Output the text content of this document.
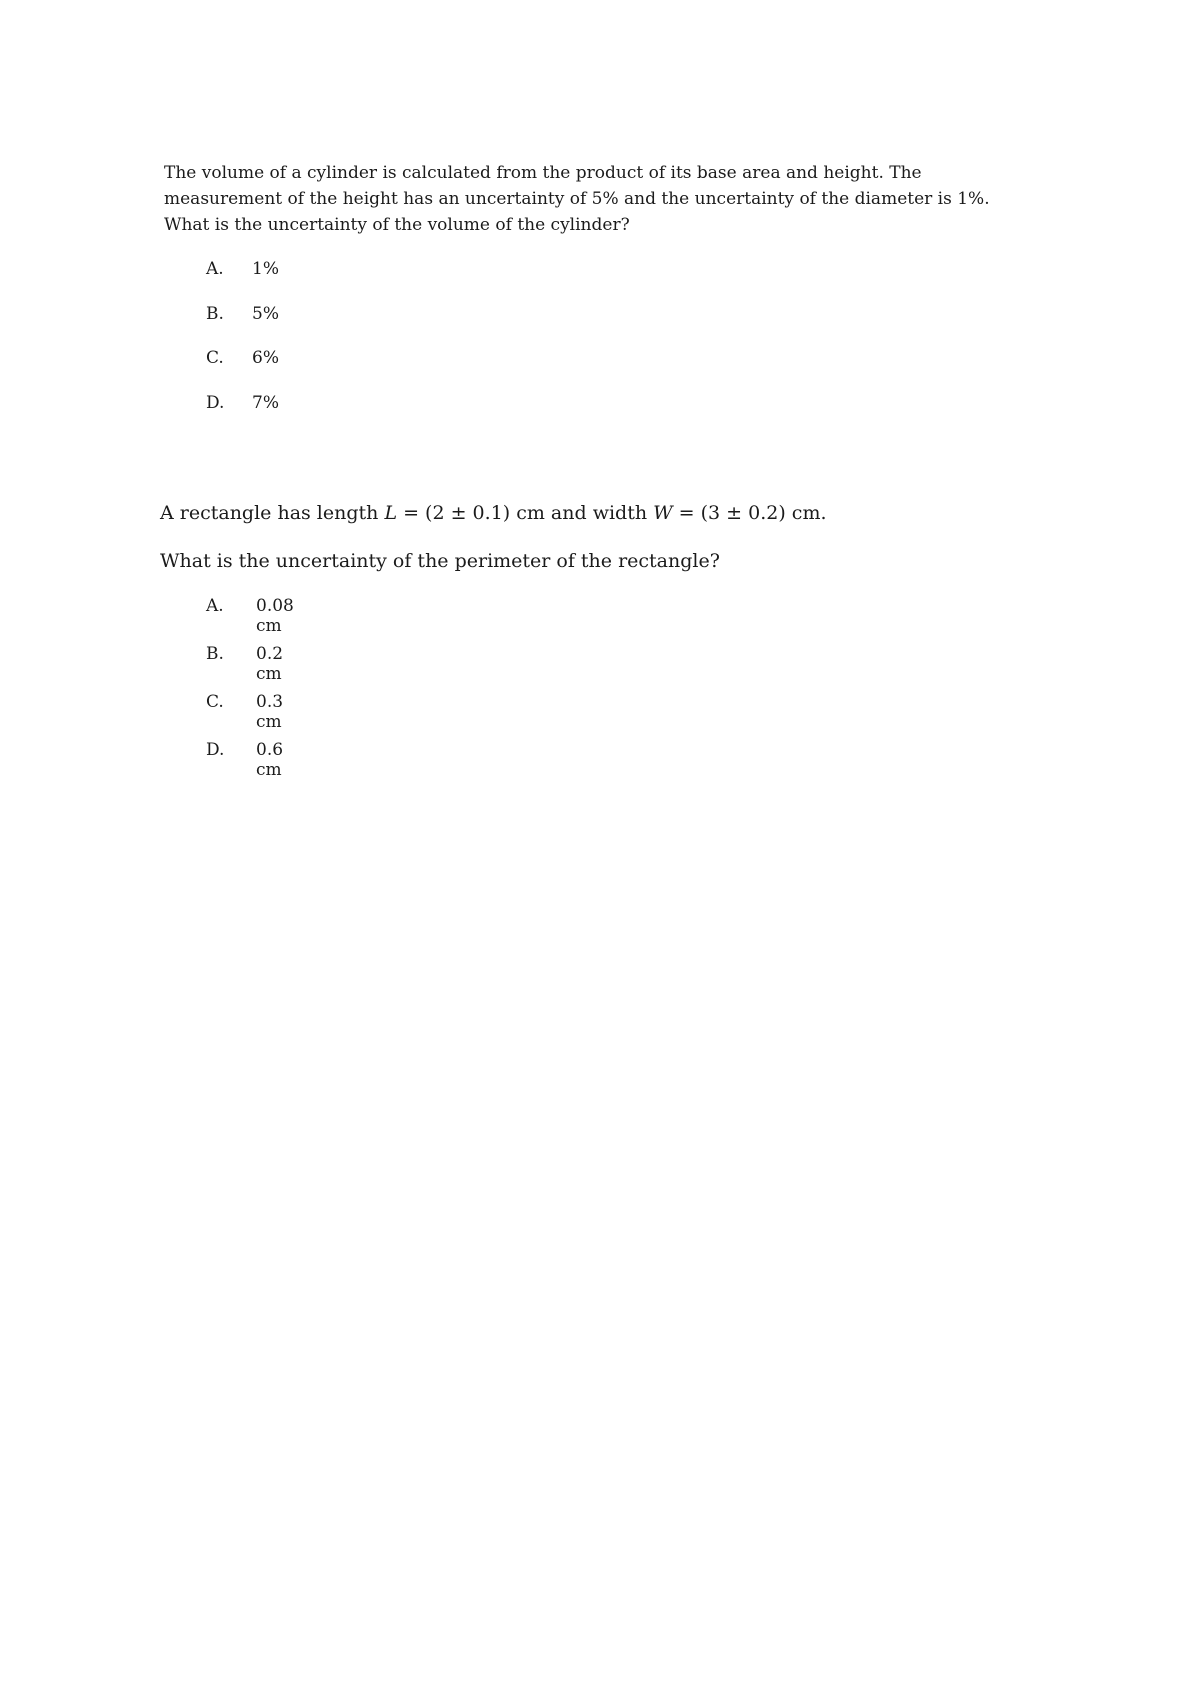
The volume of a cylinder is calculated from the product of its base area and height. The measurement of the height has an uncertainty of 5% and the uncertainty of the diameter is 1%. What is the uncertainty of the volume of the cylinder?

A. 1%
B. 5%
C. 6%
D. 7%

A rectangle has length L = (2 ± 0.1) cm and width W = (3 ± 0.2) cm.

What is the uncertainty of the perimeter of the rectangle?

A. 0.08 cm
B. 0.2 cm
C. 0.3 cm
D. 0.6 cm
